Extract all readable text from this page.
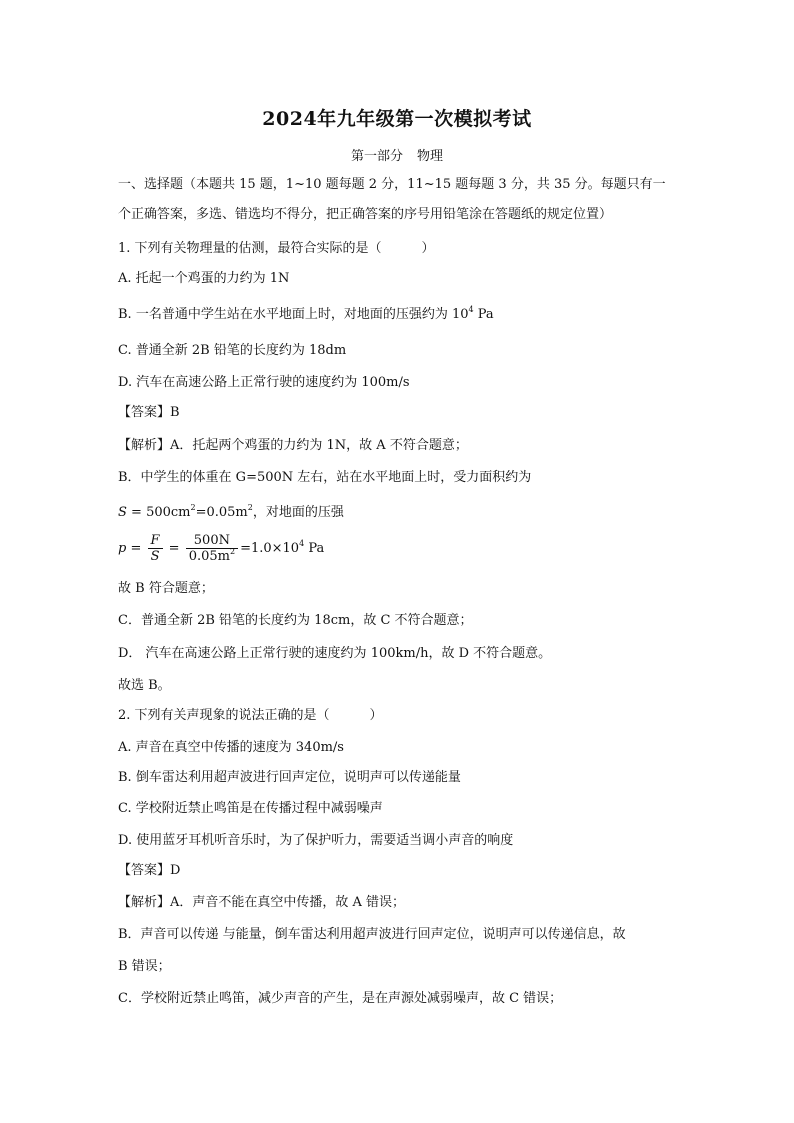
2024年九年级第一次模拟考试
第一部分 物理
一、选择题（本题共 15 题，1~10 题每题 2 分，11~15 题每题 3 分，共 35 分。每题只有一
个正确答案，多选、错选均不得分，把正确答案的序号用铅笔涂在答题纸的规定位置）
1. 下列有关物理量的估测，最符合实际的是（	）
A. 托起一个鸡蛋的力约为 1N
B. 一名普通中学生站在水平地面上时，对地面的压强约为 $10^4$ Pa
C. 普通全新 2B 铅笔的长度约为 18dm
D. 汽车在高速公路上正常行驶的速度约为 100m/s
【答案】B
【解析】A．托起两个鸡蛋的力约为 1N，故 A 不符合题意；
B．中学生的体重在 G=500N 左右，站在水平地面上时，受力面积约为
$S = 500cm^2=0.05m^2$，对地面的压强
$p = \frac{F}{S} = \frac{500N}{0.05m^2} =1.0\times 10^4$ Pa
故 B 符合题意；
C．普通全新 2B 铅笔的长度约为 18cm，故 C 不符合题意；
D． 汽车在高速公路上正常行驶的速度约为 100km/h，故 D 不符合题意。
故选 B。
2. 下列有关声现象的说法正确的是（	）
A. 声音在真空中传播的速度为 340m/s
B. 倒车雷达利用超声波进行回声定位，说明声可以传递能量
C. 学校附近禁止鸣笛是在传播过程中减弱噪声
D. 使用蓝牙耳机听音乐时，为了保护听力，需要适当调小声音的响度
【答案】D
【解析】A．声音不能在真空中传播，故 A 错误；
B．声音可以传递 与能量，倒车雷达利用超声波进行回声定位，说明声可以传递信息，故
B 错误；
C．学校附近禁止鸣笛，减少声音的产生，是在声源处减弱噪声，故 C 错误；
